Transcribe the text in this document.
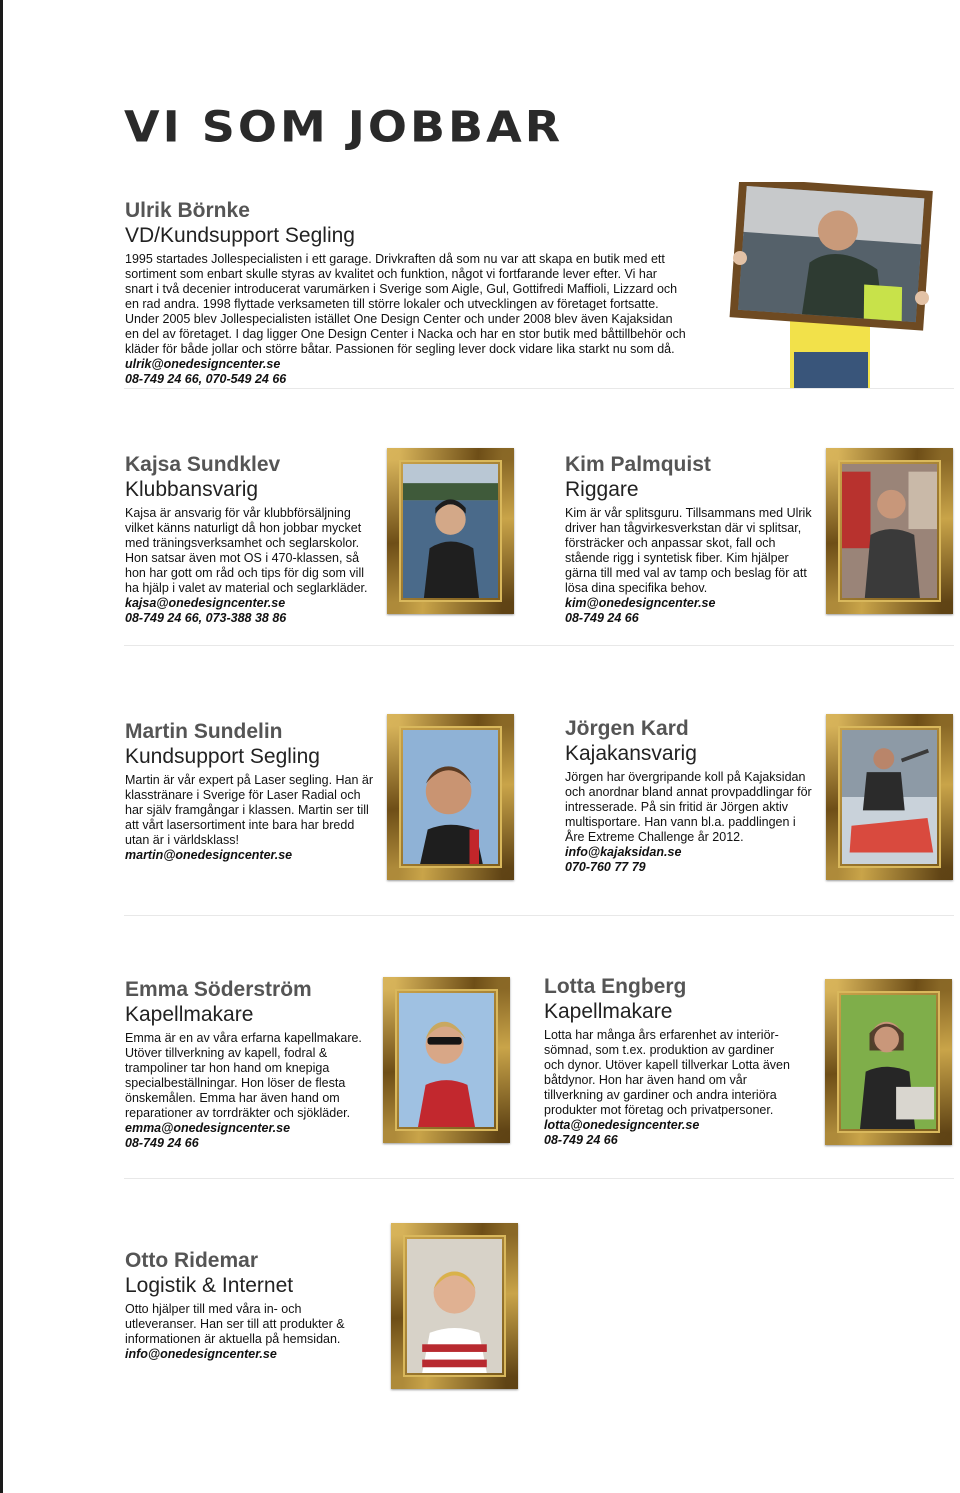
VI SOM JOBBAR

Ulrik Börnke

VD/Kundsupport Segling

1995 startades Jollespecialisten i ett garage. Drivkraften då som nu var att skapa en butik med ett

sortiment som enbart skulle styras av kvalitet och funktion, något vi fortfarande lever efter. Vi har

snart i två decenier introducerat varumärken i Sverige som Aigle, Gul, Gottifredi Maffioli, Lizzard och

en rad andra. 1998 flyttade verksameten till större lokaler och utvecklingen av företaget fortsatte.

Under 2005 blev Jollespecialisten istället One Design Center och under 2008 blev även Kajaksidan

en del av företaget. I dag ligger One Design Center i Nacka och har en stor butik med båttillbehör och

kläder för både jollar och större båtar. Passionen för segling lever dock vidare lika starkt nu som då.

ulrik@onedesigncenter.se

08-749 24 66, 070-549 24 66

Kajsa Sundklev

Klubbansvarig

Kajsa är ansvarig för vår klubbförsäljning

vilket känns naturligt då hon jobbar mycket

med träningsverksamhet och seglarskolor.

Hon satsar även mot OS i 470-klassen, så

hon har gott om råd och tips för dig som vill

ha hjälp i valet av material och seglarkläder.

kajsa@onedesigncenter.se

08-749 24 66, 073-388 38 86

Kim Palmquist

Riggare

Kim är vår splitsguru. Tillsammans med Ulrik

driver han tågvirkesverkstan där vi splitsar,

försträcker och anpassar skot, fall och

stående rigg i syntetisk fiber. Kim hjälper

gärna till med val av tamp och beslag för att

lösa dina specifika behov.

kim@onedesigncenter.se

08-749 24 66

Martin Sundelin

Kundsupport Segling

Martin är vår expert på Laser segling. Han är

klasstränare i Sverige för Laser Radial och

har själv framgångar i klassen. Martin ser till

att vårt lasersortiment inte bara har bredd

utan är i världsklass!

martin@onedesigncenter.se

Jörgen Kard

Kajakansvarig

Jörgen har övergripande koll på Kajaksidan

och anordnar bland annat provpaddlingar för

intresserade. På sin fritid är Jörgen aktiv

multisportare. Han vann bl.a. paddlingen i

Åre Extreme Challenge år 2012.

info@kajaksidan.se

070-760 77 79

Emma Söderström

Kapellmakare

Emma är en av våra erfarna kapellmakare.

Utöver tillverkning av kapell, fodral &

trampoliner tar hon hand om knepiga

specialbeställningar. Hon löser de flesta

önskemålen. Emma har även hand om

reparationer av torrdräkter och sjökläder.

emma@onedesigncenter.se

08-749 24 66

Lotta Engberg

Kapellmakare

Lotta har många års erfarenhet av interiör-

sömnad, som t.ex. produktion av gardiner

och dynor. Utöver kapell tillverkar Lotta även

båtdynor. Hon har även hand om vår

tillverkning av gardiner och andra interiöra

produkter mot företag och privatpersoner.

lotta@onedesigncenter.se

08-749 24 66

Otto Ridemar

Logistik & Internet

Otto hjälper till med våra in- och

utleveranser. Han ser till att produkter &

informationen är aktuella på hemsidan.

info@onedesigncenter.se
